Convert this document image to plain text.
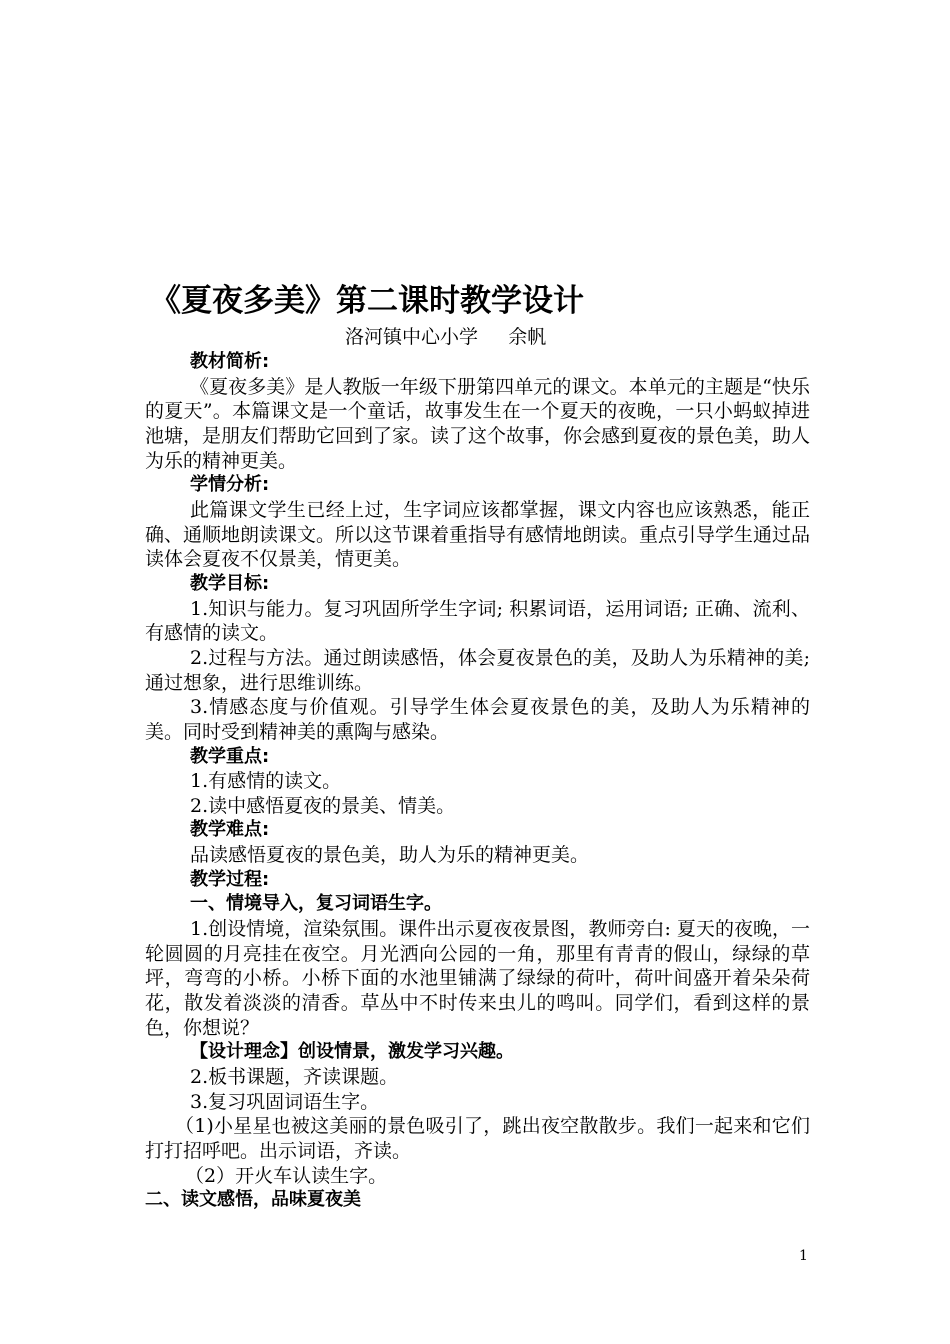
《夏夜多美》第二课时教学设计
洛河镇中心小学     余帆

教材简析:

《夏夜多美》是人教版一年级下册第四单元的课文。本单元的主题是“快乐的夏天”。本篇课文是一个童话，故事发生在一个夏天的夜晚，一只小蚂蚁掉进池塘，是朋友们帮助它回到了家。读了这个故事，你会感到夏夜的景色美，助人为乐的精神更美。

学情分析:

此篇课文学生已经上过，生字词应该都掌握，课文内容也应该熟悉，能正确、通顺地朗读课文。所以这节课着重指导有感情地朗读。重点引导学生通过品读体会夏夜不仅景美，情更美。

教学目标:

1.知识与能力。复习巩固所学生字词; 积累词语，运用词语; 正确、流利、有感情的读文。

2.过程与方法。通过朗读感悟，体会夏夜景色的美，及助人为乐精神的美; 通过想象，进行思维训练。

3.情感态度与价值观。引导学生体会夏夜景色的美，及助人为乐精神的美。同时受到精神美的熏陶与感染。

教学重点:

1.有感情的读文。

2.读中感悟夏夜的景美、情美。

教学难点:

品读感悟夏夜的景色美，助人为乐的精神更美。

教学过程:

一、情境导入，复习词语生字。

1.创设情境，渲染氛围。课件出示夏夜夜景图，教师旁白: 夏天的夜晚，一轮圆圆的月亮挂在夜空。月光洒向公园的一角，那里有青青的假山，绿绿的草坪，弯弯的小桥。小桥下面的水池里铺满了绿绿的荷叶，荷叶间盛开着朵朵荷花，散发着淡淡的清香。草丛中不时传来虫儿的鸣叫。同学们，看到这样的景色，你想说？

【设计理念】创设情景，激发学习兴趣。

2.板书课题，齐读课题。

3.复习巩固词语生字。

（1)小星星也被这美丽的景色吸引了，跳出夜空散散步。我们一起来和它们打打招呼吧。出示词语，齐读。

（2）开火车认读生字。

二、读文感悟，品味夏夜美

1
